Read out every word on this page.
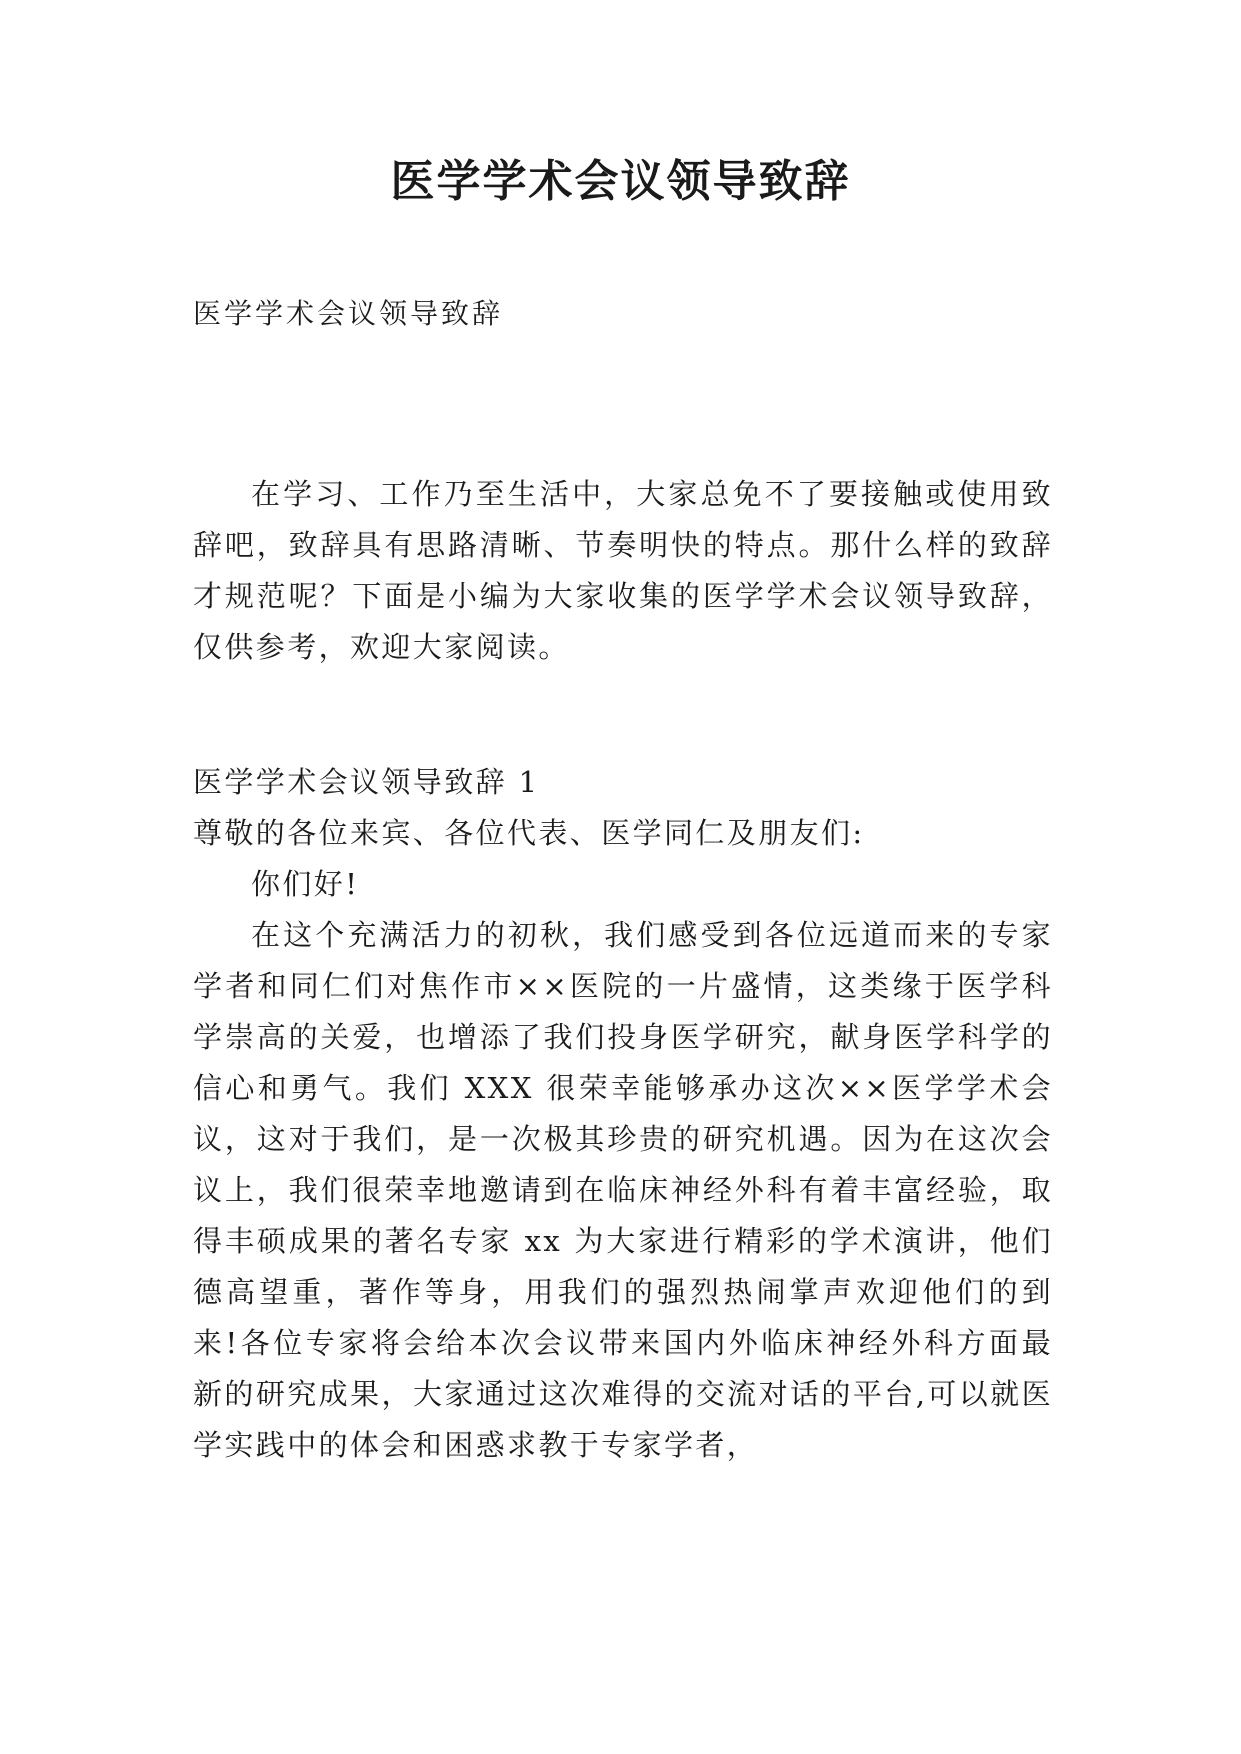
医学学术会议领导致辞
医学学术会议领导致辞

在学习、工作乃至生活中，大家总免不了要接触或使用致辞吧，致辞具有思路清晰、节奏明快的特点。那什么样的致辞才规范呢？下面是小编为大家收集的医学学术会议领导致辞，仅供参考，欢迎大家阅读。

医学学术会议领导致辞 1

尊敬的各位来宾、各位代表、医学同仁及朋友们:

你们好!

在这个充满活力的初秋，我们感受到各位远道而来的专家学者和同仁们对焦作市××医院的一片盛情，这类缘于医学科学崇高的关爱，也增添了我们投身医学研究，献身医学科学的信心和勇气。我们 XXX 很荣幸能够承办这次××医学学术会议，这对于我们，是一次极其珍贵的研究机遇。因为在这次会议上，我们很荣幸地邀请到在临床神经外科有着丰富经验，取得丰硕成果的著名专家 xx 为大家进行精彩的学术演讲，他们德高望重，著作等身，用我们的强烈热闹掌声欢迎他们的到来!各位专家将会给本次会议带来国内外临床神经外科方面最新的研究成果，大家通过这次难得的交流对话的平台,可以就医学实践中的体会和困惑求教于专家学者，
